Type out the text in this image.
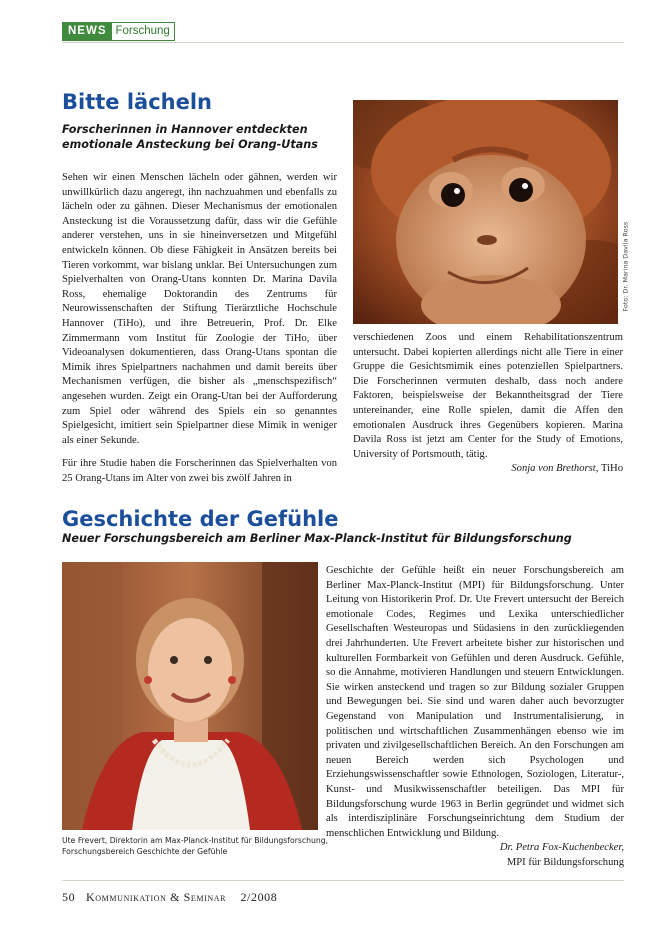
NEWS Forschung
Bitte lächeln
Forscherinnen in Hannover entdeckten emotionale Ansteckung bei Orang-Utans

Sehen wir einen Menschen lächeln oder gähnen, werden wir unwillkürlich dazu angeregt, ihn nachzuahmen und ebenfalls zu lächeln oder zu gähnen. Dieser Mechanismus der emotionalen Ansteckung ist die Voraussetzung dafür, dass wir die Gefühle anderer verstehen, uns in sie hineinversetzen und Mitgefühl entwickeln können. Ob diese Fähigkeit in Ansätzen bereits bei Tieren vorkommt, war bislang unklar. Bei Untersuchungen zum Spielverhalten von Orang-Utans konnten Dr. Marina Davila Ross, ehemalige Doktorandin des Zentrums für Neurowissenschaften der Stiftung Tierärztliche Hochschule Hannover (TiHo), und ihre Betreuerin, Prof. Dr. Elke Zimmermann vom Institut für Zoologie der TiHo, über Videoanalysen dokumentieren, dass Orang-Utans spontan die Mimik ihres Spielpartners nachahmen und damit bereits über Mechanismen verfügen, die bisher als „menschspezifisch“ angesehen wurden. Zeigt ein Orang-Utan bei der Aufforderung zum Spiel oder während des Spiels ein so genanntes Spielgesicht, imitiert sein Spielpartner diese Mimik in weniger als einer Sekunde.

Für ihre Studie haben die Forscherinnen das Spielverhalten von 25 Orang-Utans im Alter von zwei bis zwölf Jahren in

Foto: Dr. Marina Davila Ross

verschiedenen Zoos und einem Rehabilitationszentrum untersucht. Dabei kopierten allerdings nicht alle Tiere in einer Gruppe die Gesichtsmimik eines potenziellen Spielpartners. Die Forscherinnen vermuten deshalb, dass noch andere Faktoren, beispielsweise der Bekanntheitsgrad der Tiere untereinander, eine Rolle spielen, damit die Affen den emotionalen Ausdruck ihres Gegenübers kopieren. Marina Davila Ross ist jetzt am Center for the Study of Emotions, University of Portsmouth, tätig.

Sonja von Brethorst, TiHo

Geschichte der Gefühle
Neuer Forschungsbereich am Berliner Max-Planck-Institut für Bildungsforschung
Ute Frevert, Direktorin am Max-Planck-Institut für Bildungsforschung, Forschungsbereich Geschichte der Gefühle

Geschichte der Gefühle heißt ein neuer Forschungsbereich am Berliner Max-Planck-Institut (MPI) für Bildungsforschung. Unter Leitung von Historikerin Prof. Dr. Ute Frevert untersucht der Bereich emotionale Codes, Regimes und Lexika unterschiedlicher Gesellschaften Westeuropas und Südasiens in den zurückliegenden drei Jahrhunderten. Ute Frevert arbeitete bisher zur historischen und kulturellen Formbarkeit von Gefühlen und deren Ausdruck. Gefühle, so die Annahme, motivieren Handlungen und steuern Entwicklungen. Sie wirken ansteckend und tragen so zur Bildung sozialer Gruppen und Bewegungen bei. Sie sind und waren daher auch bevorzugter Gegenstand von Manipulation und Instrumentalisierung, in politischen und wirtschaftlichen Zusammenhängen ebenso wie im privaten und zivilgesellschaftlichen Bereich. An den Forschungen am neuen Bereich werden sich Psychologen und Erziehungswissenschaftler sowie Ethnologen, Soziologen, Literatur-, Kunst- und Musikwissenschaftler beteiligen. Das MPI für Bildungsforschung wurde 1963 in Berlin gegründet und widmet sich als interdisziplinäre Forschungseinrichtung dem Studium der menschlichen Entwicklung und Bildung.

Dr. Petra Fox-Kuchenbecker,

MPI für Bildungsforschung

50 Kommunikation & Seminar 2/2008
